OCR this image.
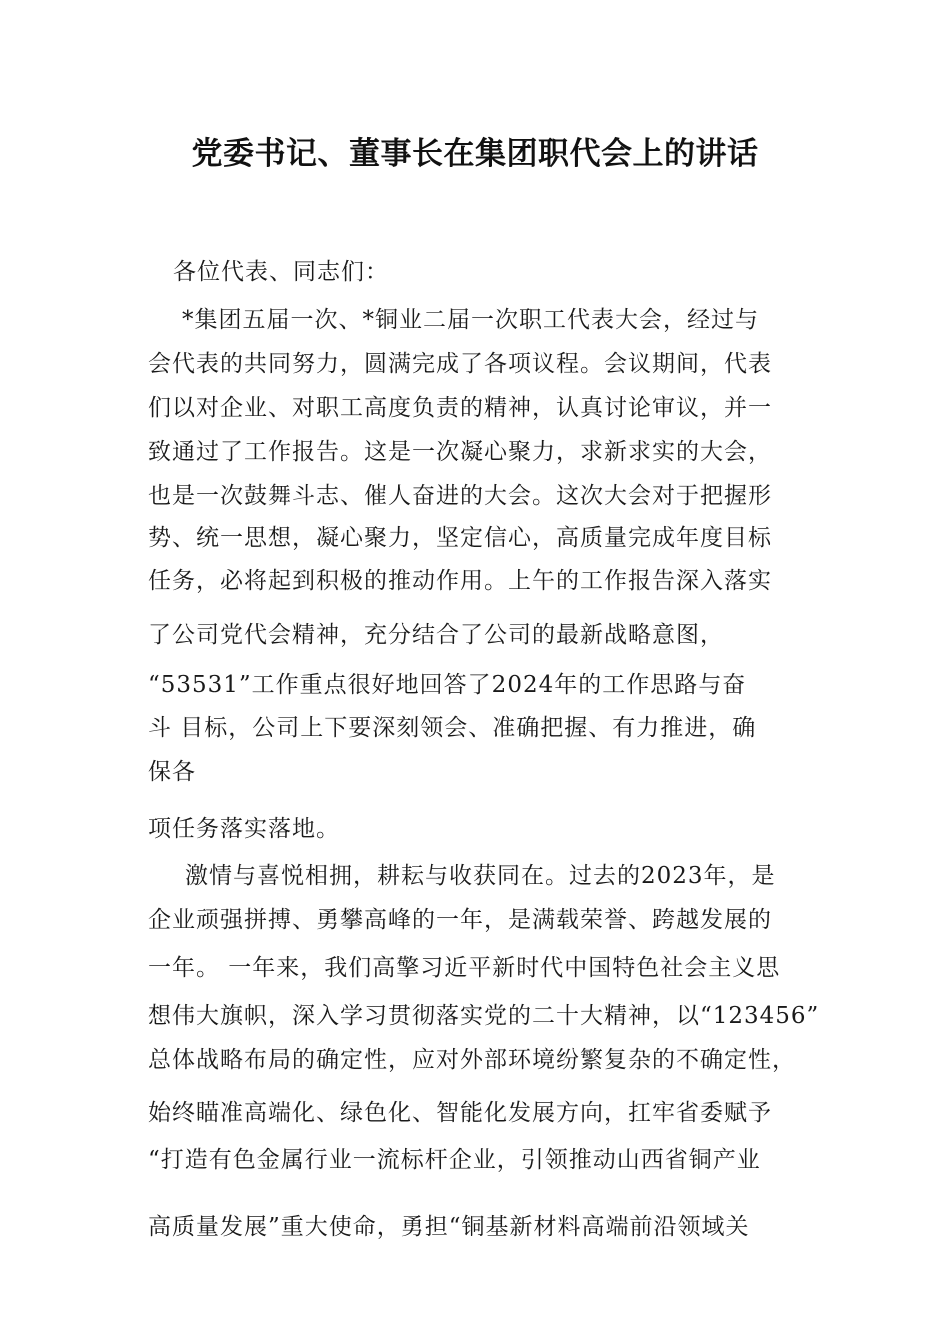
党委书记、董事长在集团职代会上的讲话
各位代表、同志们：
*集团五届一次、*铜业二届一次职工代表大会，经过与
会代表的共同努力，圆满完成了各项议程。会议期间，代表
们以对企业、对职工高度负责的精神，认真讨论审议，并一
致通过了工作报告。这是一次凝心聚力，求新求实的大会，
也是一次鼓舞斗志、催人奋进的大会。这次大会对于把握形
势、统一思想，凝心聚力，坚定信心，高质量完成年度目标
任务，必将起到积极的推动作用。上午的工作报告深入落实
了公司党代会精神，充分结合了公司的最新战略意图，
“53531”工作重点很好地回答了2024年的工作思路与奋
斗 目标，公司上下要深刻领会、准确把握、有力推进，确
保各
项任务落实落地。
激情与喜悦相拥，耕耘与收获同在。过去的2023年，是
企业顽强拼搏、勇攀高峰的一年，是满载荣誉、跨越发展的
一年。 一年来，我们高擎习近平新时代中国特色社会主义思
想伟大旗帜，深入学习贯彻落实党的二十大精神，以“123456”
总体战略布局的确定性，应对外部环境纷繁复杂的不确定性，
始终瞄准高端化、绿色化、智能化发展方向，扛牢省委赋予
“打造有色金属行业一流标杆企业，引领推动山西省铜产业
高质量发展”重大使命，勇担“铜基新材料高端前沿领域关
